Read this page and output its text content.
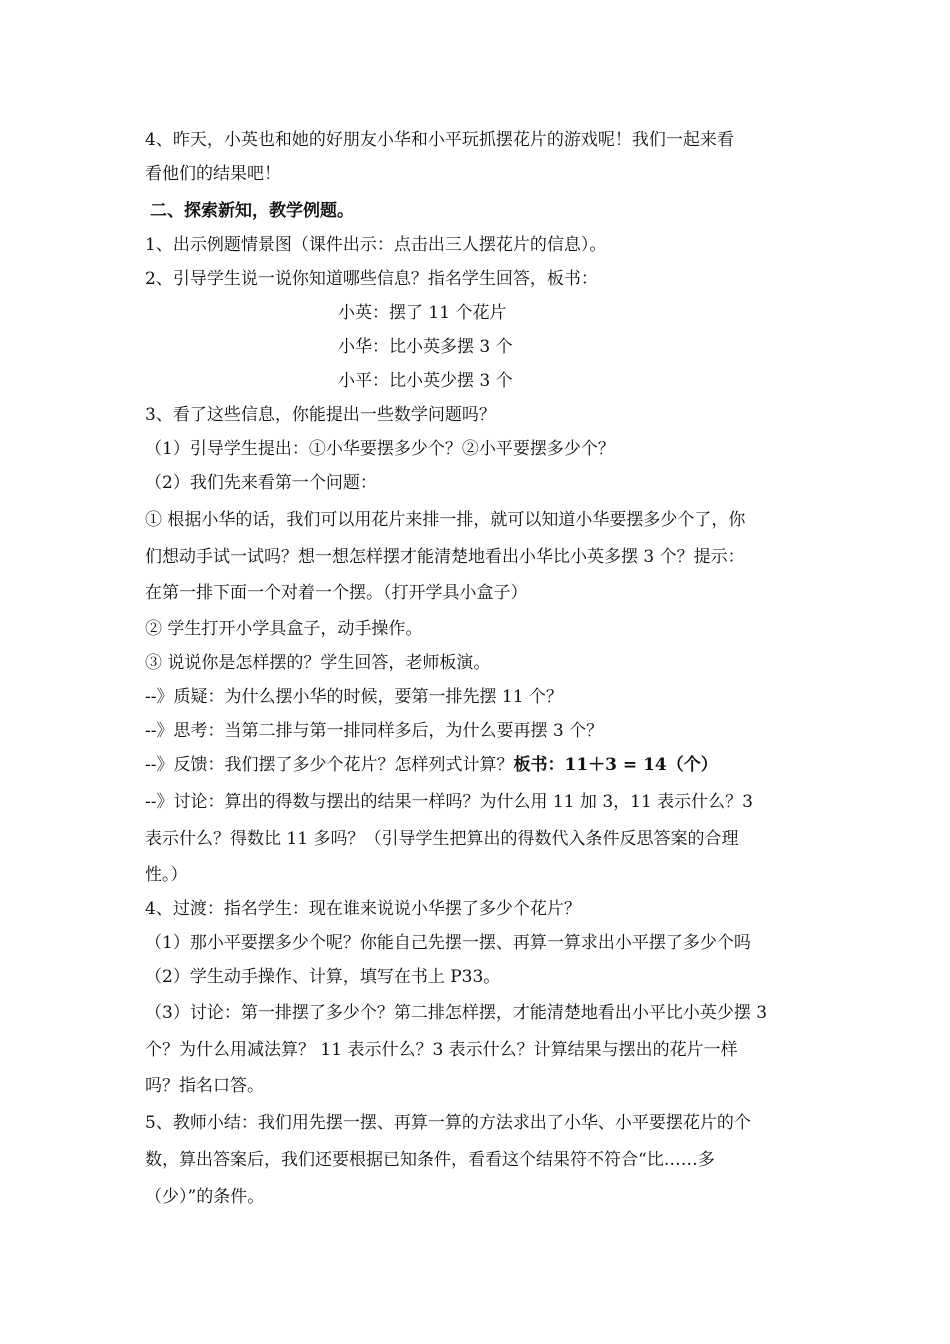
4、昨天，小英也和她的好朋友小华和小平玩抓摆花片的游戏呢！我们一起来看
看他们的结果吧！
二、探索新知，教学例题。
1、出示例题情景图（课件出示：点击出三人摆花片的信息）。
2、引导学生说一说你知道哪些信息？指名学生回答，板书：
小英：摆了 11 个花片
小华：比小英多摆 3 个
小平：比小英少摆 3 个
3、看了这些信息，你能提出一些数学问题吗？
（1）引导学生提出：①小华要摆多少个？②小平要摆多少个？
（2）我们先来看第一个问题：
① 根据小华的话，我们可以用花片来排一排，就可以知道小华要摆多少个了，你
们想动手试一试吗？想一想怎样摆才能清楚地看出小华比小英多摆 3 个？提示：
在第一排下面一个对着一个摆。（打开学具小盒子）
② 学生打开小学具盒子，动手操作。
③ 说说你是怎样摆的？学生回答，老师板演。
--》质疑：为什么摆小华的时候，要第一排先摆 11 个？
--》思考：当第二排与第一排同样多后，为什么要再摆 3 个？
--》反馈：我们摆了多少个花片？怎样列式计算？板书：11＋3 = 14（个）
--》讨论：算出的得数与摆出的结果一样吗？为什么用 11 加 3，11 表示什么？3
表示什么？得数比 11 多吗？（引导学生把算出的得数代入条件反思答案的合理
性。）
4、过渡：指名学生：现在谁来说说小华摆了多少个花片？
（1）那小平要摆多少个呢？你能自己先摆一摆、再算一算求出小平摆了多少个吗
（2）学生动手操作、计算，填写在书上 P33。
（3）讨论：第一排摆了多少个？第二排怎样摆，才能清楚地看出小平比小英少摆 3
个？为什么用减法算？ 11 表示什么？3 表示什么？计算结果与摆出的花片一样
吗？指名口答。
5、教师小结：我们用先摆一摆、再算一算的方法求出了小华、小平要摆花片的个
数，算出答案后，我们还要根据已知条件，看看这个结果符不符合“比……多
（少）”的条件。
